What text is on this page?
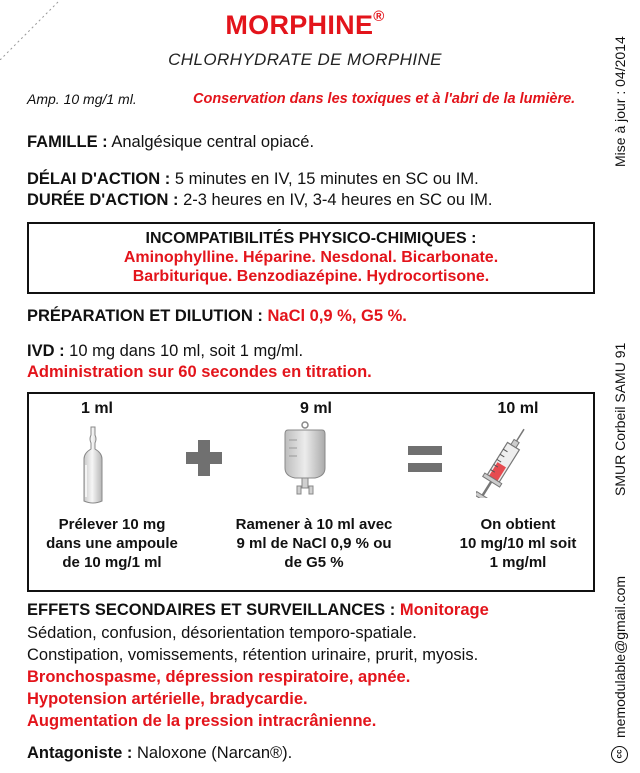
MORPHINE®
CHLORHYDRATE DE MORPHINE
Conservation dans les toxiques et à l'abri de la lumière.
Amp. 10 mg/1 ml.
FAMILLE : Analgésique central opiacé.
DÉLAI D'ACTION : 5 minutes en IV, 15 minutes en SC ou IM.
DURÉE D'ACTION : 2-3 heures en IV, 3-4 heures en SC ou IM.
INCOMPATIBILITÉS PHYSICO-CHIMIQUES :
Aminophylline. Héparine. Nesdonal. Bicarbonate.
Barbiturique. Benzodiazépine. Hydrocortisone.
PRÉPARATION ET DILUTION : NaCl 0,9 %, G5 %.
IVD : 10 mg dans 10 ml, soit 1 mg/ml.
Administration sur 60 secondes en titration.
1 ml	9 ml	10 ml
Prélever 10 mg
dans une ampoule
de 10 mg/1 ml
Ramener à 10 ml avec
9 ml de NaCl 0,9 % ou
de G5 %
On obtient
10 mg/10 ml soit
1 mg/ml
EFFETS SECONDAIRES ET SURVEILLANCES : Monitorage
Sédation, confusion, désorientation temporo-spatiale.
Constipation, vomissements, rétention urinaire, prurit, myosis.
Bronchospasme, dépression respiratoire, apnée.
Hypotension artérielle, bradycardie.
Augmentation de la pression intracrânienne.
Antagoniste : Naloxone (Narcan®).
Mise à jour : 04/2014
SMUR Corbeil SAMU 91
memodulable@gmail.com
cc
